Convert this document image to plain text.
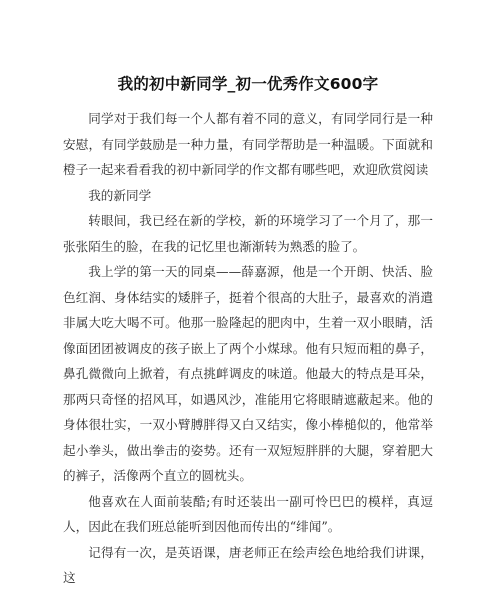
我的初中新同学_初一优秀作文600字

同学对于我们每一个人都有着不同的意义，有同学同行是一种安慰，有同学鼓励是一种力量，有同学帮助是一种温暖。下面就和橙子一起来看看我的初中新同学的作文都有哪些吧，欢迎欣赏阅读

我的新同学

转眼间，我已经在新的学校，新的环境学习了一个月了，那一张张陌生的脸，在我的记忆里也渐渐转为熟悉的脸了。

我上学的第一天的同桌——薛嘉源，他是一个开朗、快活、脸色红润、身体结实的矮胖子，挺着个很高的大肚子，最喜欢的消遣非属大吃大喝不可。他那一脸隆起的肥肉中，生着一双小眼睛，活像面团团被调皮的孩子嵌上了两个小煤球。他有只短而粗的鼻子，鼻孔微微向上掀着，有点挑衅调皮的味道。他最大的特点是耳朵，那两只奇怪的招风耳，如遇风沙，准能用它将眼睛遮蔽起来。他的身体很壮实，一双小臂膊胖得又白又结实，像小棒槌似的，他常举起小拳头，做出拳击的姿势。还有一双短短胖胖的大腿，穿着肥大的裤子，活像两个直立的圆枕头。

他喜欢在人面前装酷;有时还装出一副可怜巴巴的模样，真逗人，因此在我们班总能听到因他而传出的“绯闻”。

记得有一次，是英语课，唐老师正在绘声绘色地给我们讲课，这
